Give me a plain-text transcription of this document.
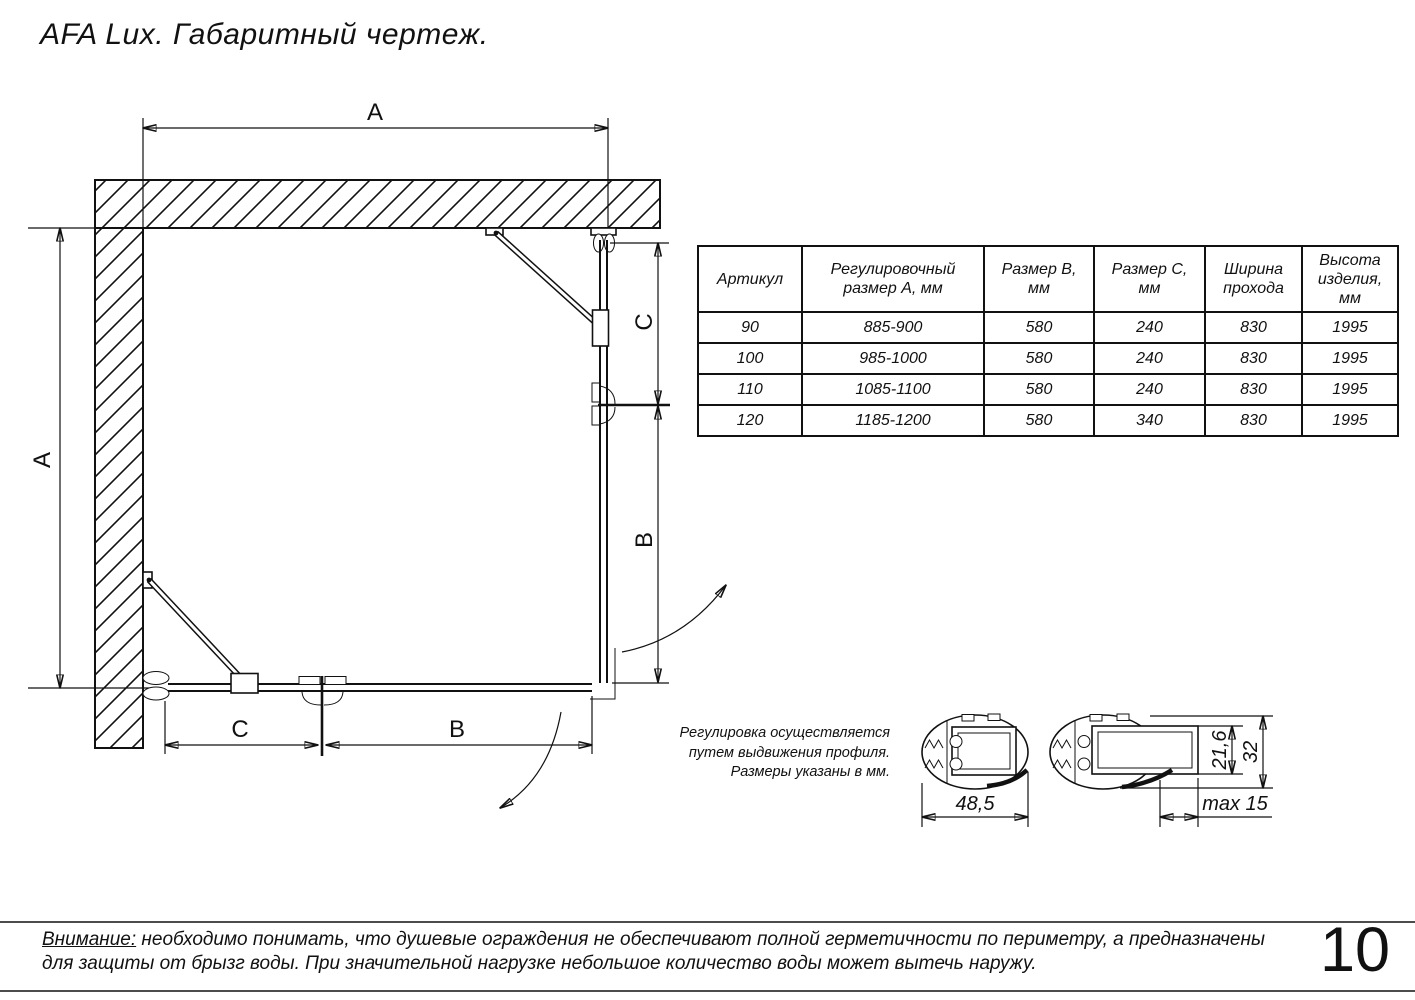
A
A
C
B
C	B
48,5
21,6 32
max 15
AFA Lux. Габаритный чертеж.
Артикул	Регулировочный размер А, мм	Размер В, мм	Размер С, мм	Ширина прохода	Высота изделия, мм
90	885-900	580	240	830	1995
100	985-1000	580	240	830	1995
110	1085-1100	580	240	830	1995
120	1185-1200	580	340	830	1995
Регулировка осуществляется
путем выдвижения профиля.
Размеры указаны в мм.
Внимание: необходимо понимать, что душевые ограждения не обеспечивают полной герметичности по периметру, а предназначены
для защиты от брызг воды. При значительной нагрузке небольшое количество воды может вытечь наружу.	10
